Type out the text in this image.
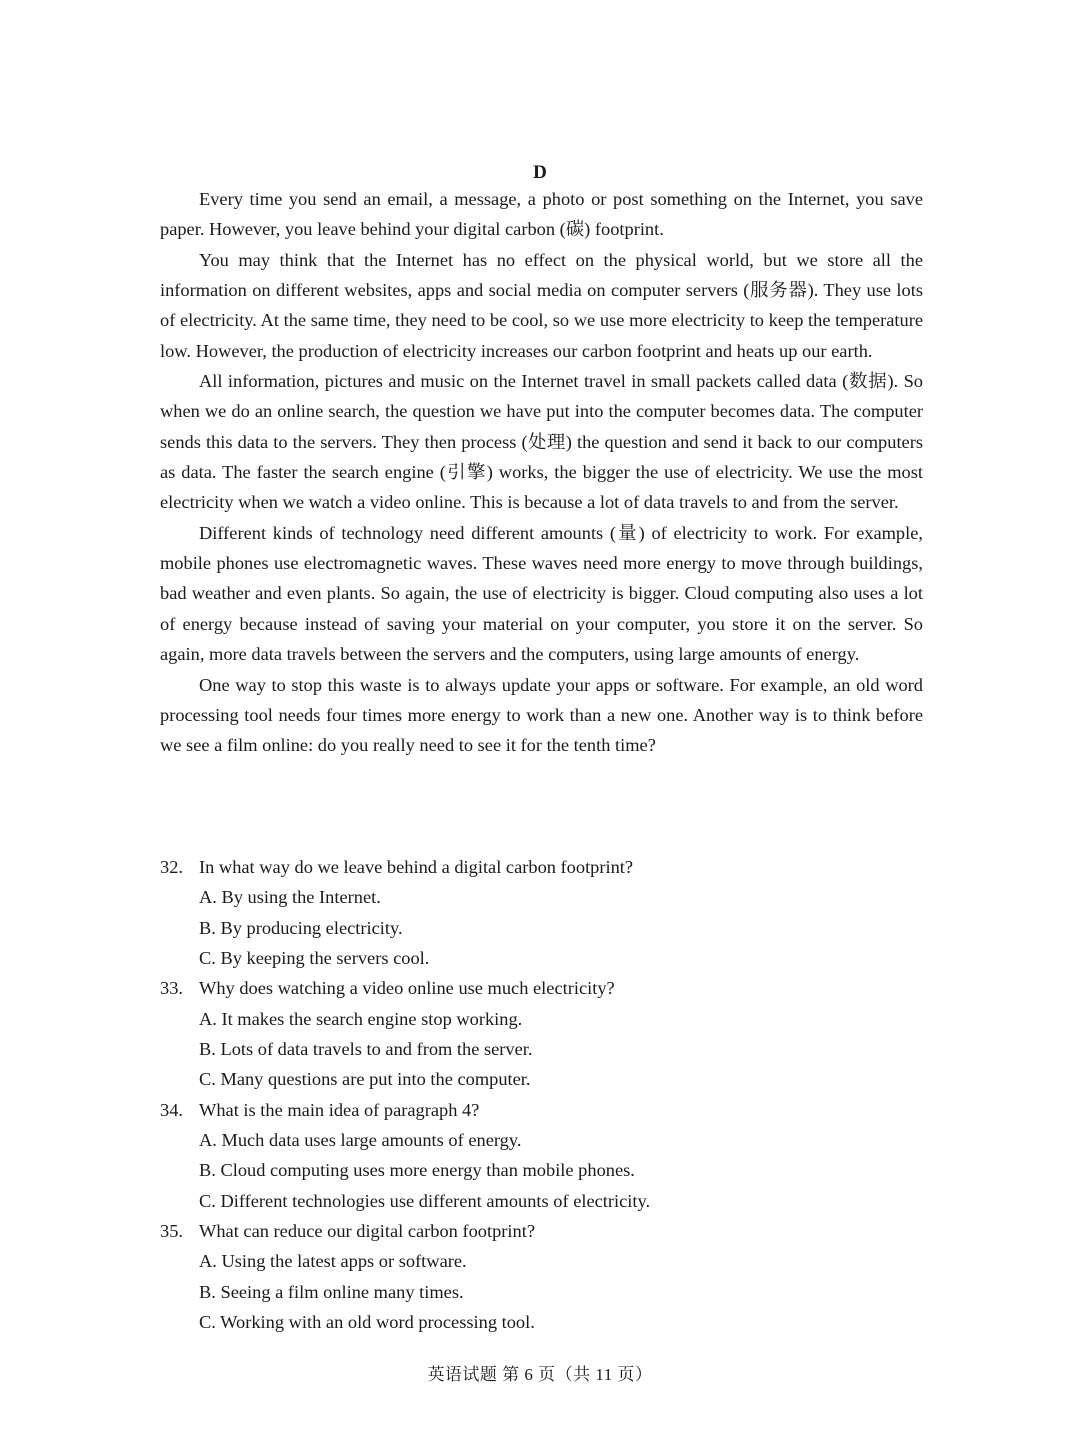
D

Every time you send an email, a message, a photo or post something on the Internet, you save paper. However, you leave behind your digital carbon (碳) footprint.

You may think that the Internet has no effect on the physical world, but we store all the information on different websites, apps and social media on computer servers (服务器). They use lots of electricity. At the same time, they need to be cool, so we use more electricity to keep the temperature low. However, the production of electricity increases our carbon footprint and heats up our earth.

All information, pictures and music on the Internet travel in small packets called data (数据). So when we do an online search, the question we have put into the computer becomes data. The computer sends this data to the servers. They then process (处理) the question and send it back to our computers as data. The faster the search engine (引擎) works, the bigger the use of electricity. We use the most electricity when we watch a video online. This is because a lot of data travels to and from the server.

Different kinds of technology need different amounts (量) of electricity to work. For example, mobile phones use electromagnetic waves. These waves need more energy to move through buildings, bad weather and even plants. So again, the use of electricity is bigger. Cloud computing also uses a lot of energy because instead of saving your material on your computer, you store it on the server. So again, more data travels between the servers and the computers, using large amounts of energy.

One way to stop this waste is to always update your apps or software. For example, an old word processing tool needs four times more energy to work than a new one. Another way is to think before we see a film online: do you really need to see it for the tenth time?

32. In what way do we leave behind a digital carbon footprint?
A. By using the Internet.
B. By producing electricity.
C. By keeping the servers cool.
33. Why does watching a video online use much electricity?
A. It makes the search engine stop working.
B. Lots of data travels to and from the server.
C. Many questions are put into the computer.
34. What is the main idea of paragraph 4?
A. Much data uses large amounts of energy.
B. Cloud computing uses more energy than mobile phones.
C. Different technologies use different amounts of electricity.
35. What can reduce our digital carbon footprint?
A. Using the latest apps or software.
B. Seeing a film online many times.
C. Working with an old word processing tool.
英语试题 第 6 页（共 11 页）
